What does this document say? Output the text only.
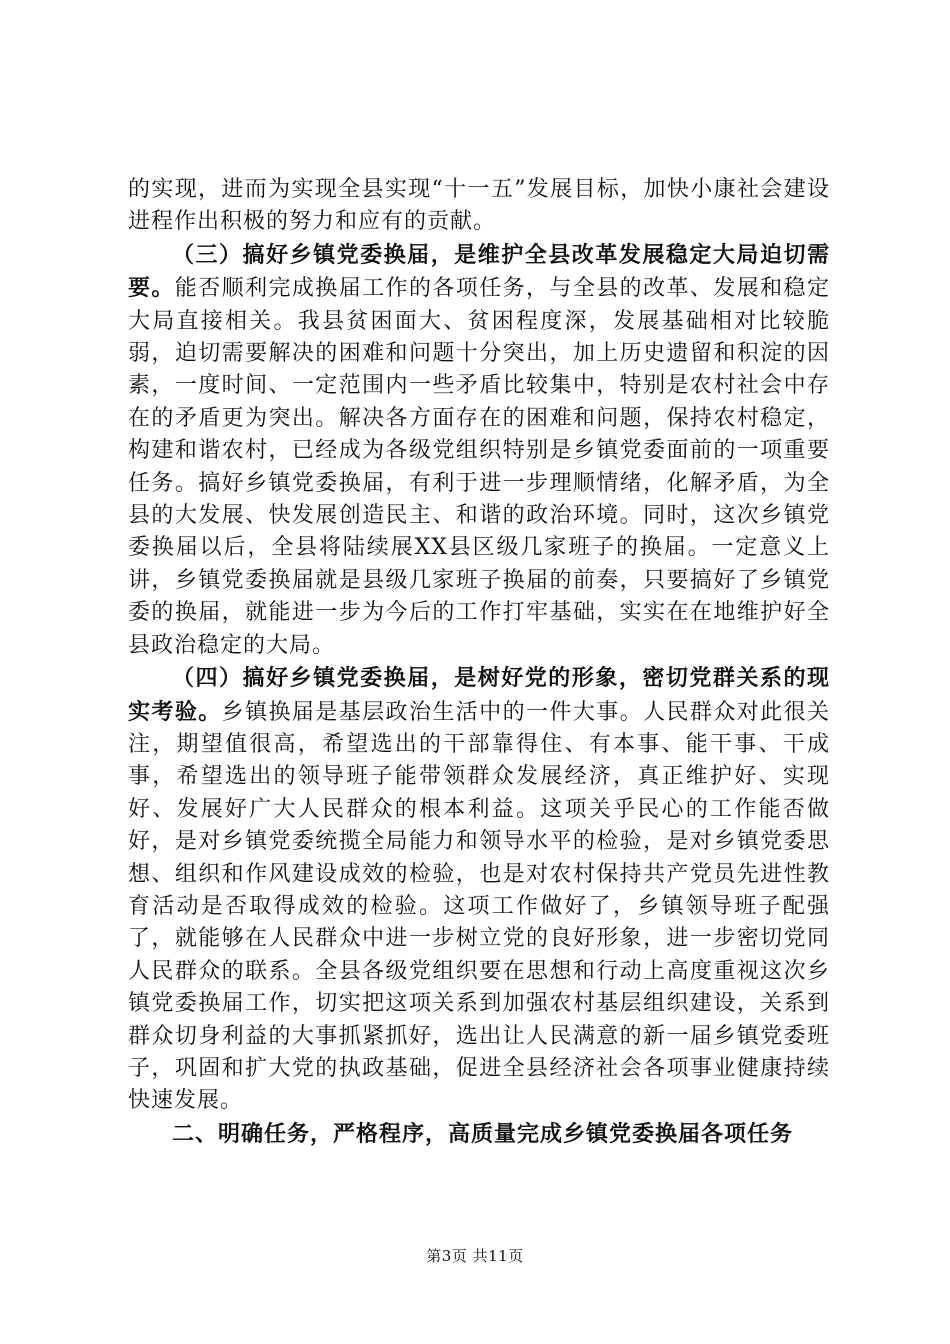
的实现，进而为实现全县实现“十一五”发展目标，加快小康社会建设进程作出积极的努力和应有的贡献。

（三）搞好乡镇党委换届，是维护全县改革发展稳定大局迫切需要。能否顺利完成换届工作的各项任务，与全县的改革、发展和稳定大局直接相关。我县贫困面大、贫困程度深，发展基础相对比较脆弱，迫切需要解决的困难和问题十分突出，加上历史遗留和积淀的因素，一度时间、一定范围内一些矛盾比较集中，特别是农村社会中存在的矛盾更为突出。解决各方面存在的困难和问题，保持农村稳定，构建和谐农村，已经成为各级党组织特别是乡镇党委面前的一项重要任务。搞好乡镇党委换届，有利于进一步理顺情绪，化解矛盾，为全县的大发展、快发展创造民主、和谐的政治环境。同时，这次乡镇党委换届以后，全县将陆续展XX县区级几家班子的换届。一定意义上讲，乡镇党委换届就是县级几家班子换届的前奏，只要搞好了乡镇党委的换届，就能进一步为今后的工作打牢基础，实实在在地维护好全县政治稳定的大局。

（四）搞好乡镇党委换届，是树好党的形象，密切党群关系的现实考验。乡镇换届是基层政治生活中的一件大事。人民群众对此很关注，期望值很高，希望选出的干部靠得住、有本事、能干事、干成事，希望选出的领导班子能带领群众发展经济，真正维护好、实现好、发展好广大人民群众的根本利益。这项关乎民心的工作能否做好，是对乡镇党委统揽全局能力和领导水平的检验，是对乡镇党委思想、组织和作风建设成效的检验，也是对农村保持共产党员先进性教育活动是否取得成效的检验。这项工作做好了，乡镇领导班子配强了，就能够在人民群众中进一步树立党的良好形象，进一步密切党同人民群众的联系。全县各级党组织要在思想和行动上高度重视这次乡镇党委换届工作，切实把这项关系到加强农村基层组织建设，关系到群众切身利益的大事抓紧抓好，选出让人民满意的新一届乡镇党委班子，巩固和扩大党的执政基础，促进全县经济社会各项事业健康持续快速发展。

二、明确任务，严格程序，高质量完成乡镇党委换届各项任务

第3页 共11页
